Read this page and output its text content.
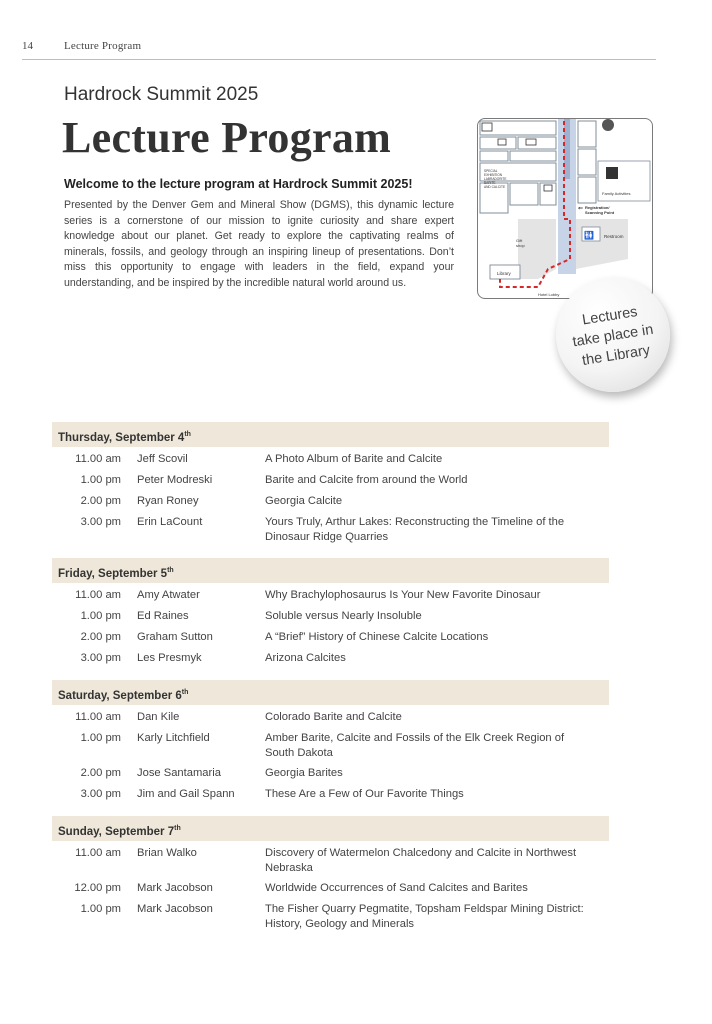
14	Lecture Program
Hardrock Summit 2025
Lecture Program

Welcome to the lecture program at Hardrock Summit 2025!

Presented by the Denver Gem and Mineral Show (DGMS), this dynamic lecture series is a cornerstone of our mission to ignite curiosity and share expert knowledge about our planet. Get ready to explore the captivating realms of minerals, fossils, and geology through an inspiring lineup of presentations. Don’t miss this opportunity to engage with leaders in the field, expand your understanding, and be inspired by the incredible natural world around us.

Family Activities
SPECIAL
EXHIBITION
LABRADORITE
BARITE
AND CALCITE
⇐ Registration/
Scanning Point
🚻 Restroom
Gift
shop
Library
Hotel Lobby
Lectures
take place in
the Library
Thursday, September 4th
11.00 am Jeff Scovil	A Photo Album of Barite and Calcite
1.00 pm Peter Modreski	Barite and Calcite from around the World
2.00 pm Ryan Roney	Georgia Calcite
3.00 pm Erin LaCount	Yours Truly, Arthur Lakes: Reconstructing the Timeline of the Dinosaur Ridge Quarries
Friday, September 5th
11.00 am Amy Atwater	Why Brachylophosaurus Is Your New Favorite Dinosaur
1.00 pm Ed Raines	Soluble versus Nearly Insoluble
2.00 pm Graham Sutton	A “Brief” History of Chinese Calcite Locations
3.00 pm Les Presmyk	Arizona Calcites
Saturday, September 6th
11.00 am Dan Kile	Colorado Barite and Calcite
1.00 pm Karly Litchfield	Amber Barite, Calcite and Fossils of the Elk Creek Region of South Dakota
2.00 pm Jose Santamaria	Georgia Barites
3.00 pm Jim and Gail Spann	These Are a Few of Our Favorite Things
Sunday, September 7th
11.00 am Brian Walko	Discovery of Watermelon Chalcedony and Calcite in Northwest Nebraska
12.00 pm Mark Jacobson	Worldwide Occurrences of Sand Calcites and Barites
1.00 pm Mark Jacobson	The Fisher Quarry Pegmatite, Topsham Feldspar Mining District: History, Geology and Minerals
